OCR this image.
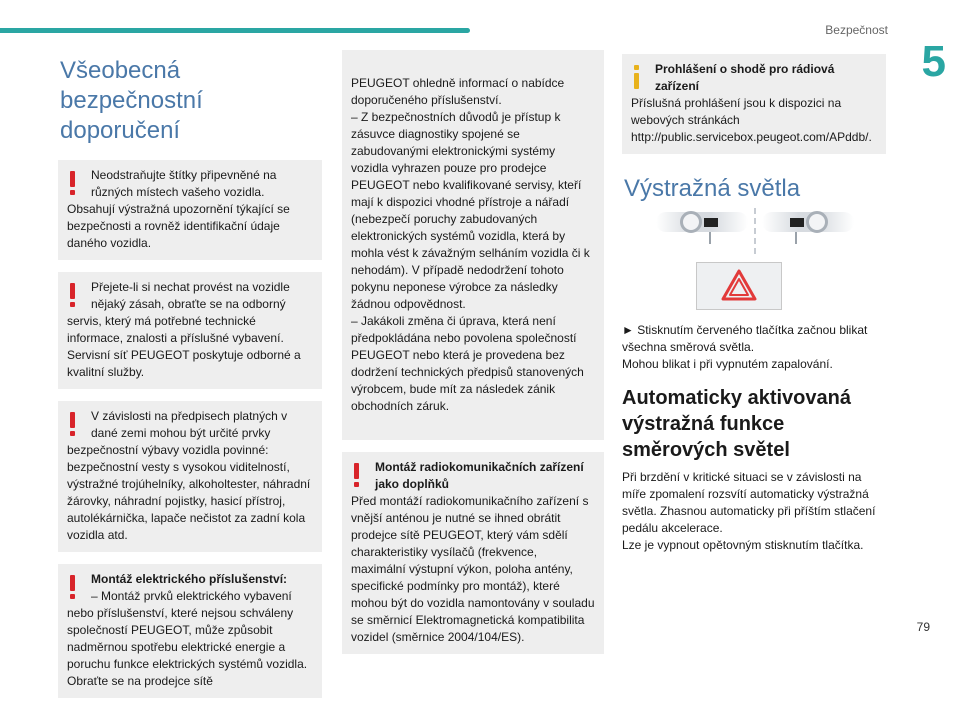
Bezpečnost
5
Všeobecná bezpečnostní doporučení
Neodstraňujte štítky připevněné na různých místech vašeho vozidla.
Obsahují výstražná upozornění týkající se bezpečnosti a rovněž identifikační údaje daného vozidla.
Přejete-li si nechat provést na vozidle nějaký zásah, obraťte se na odborný
servis, který má potřebné technické informace, znalosti a příslušné vybavení. Servisní síť PEUGEOT poskytuje odborné a kvalitní služby.
V závislosti na předpisech platných v dané zemi mohou být určité prvky
bezpečnostní výbavy vozidla povinné: bezpečnostní vesty s vysokou viditelností, výstražné trojúhelníky, alkoholtester, náhradní žárovky, náhradní pojistky, hasicí přístroj, autolékárnička, lapače nečistot za zadní kola vozidla atd.
Montáž elektrického příslušenství:
– Montáž prvků elektrického vybavení
nebo příslušenství, které nejsou schváleny společností PEUGEOT, může způsobit nadměrnou spotřebu elektrické energie a poruchu funkce elektrických systémů vozidla. Obraťte se na prodejce sítě

PEUGEOT ohledně informací o nabídce doporučeného příslušenství.
– Z bezpečnostních důvodů je přístup k zásuvce diagnostiky spojené se zabudovanými elektronickými systémy vozidla vyhrazen pouze pro prodejce PEUGEOT nebo kvalifikované servisy, kteří mají k dispozici vhodné přístroje a nářadí (nebezpečí poruchy zabudovaných elektronických systémů vozidla, která by mohla vést k závažným selháním vozidla či k nehodám). V případě nedodržení tohoto pokynu neponese výrobce za následky žádnou odpovědnost.
– Jakákoli změna či úprava, která není předpokládána nebo povolena společností PEUGEOT nebo která je provedena bez dodržení technických předpisů stanovených výrobcem, bude mít za následek zánik obchodních záruk.

Montáž radiokomunikačních zařízení jako doplňků
Před montáží radiokomunikačního zařízení s vnější anténou je nutné se ihned obrátit prodejce sítě PEUGEOT, který vám sdělí charakteristiky vysílačů (frekvence, maximální výstupní výkon, poloha antény, specifické podmínky pro montáž), které mohou být do vozidla namontovány v souladu se směrnicí Elektromagnetická kompatibilita vozidel (směrnice 2004/104/ES).
Prohlášení o shodě pro rádiová zařízení
Příslušná prohlášení jsou k dispozici na webových stránkách http://public.servicebox.peugeot.com/APddb/.
Výstražná světla
► Stisknutím červeného tlačítka začnou blikat všechna směrová světla.
Mohou blikat i při vypnutém zapalování.
Automaticky aktivovaná výstražná funkce směrových světel
Při brzdění v kritické situaci se v závislosti na míře zpomalení rozsvítí automaticky výstražná světla. Zhasnou automaticky při příštím stlačení pedálu akcelerace.
Lze je vypnout opětovným stisknutím tlačítka.
79
